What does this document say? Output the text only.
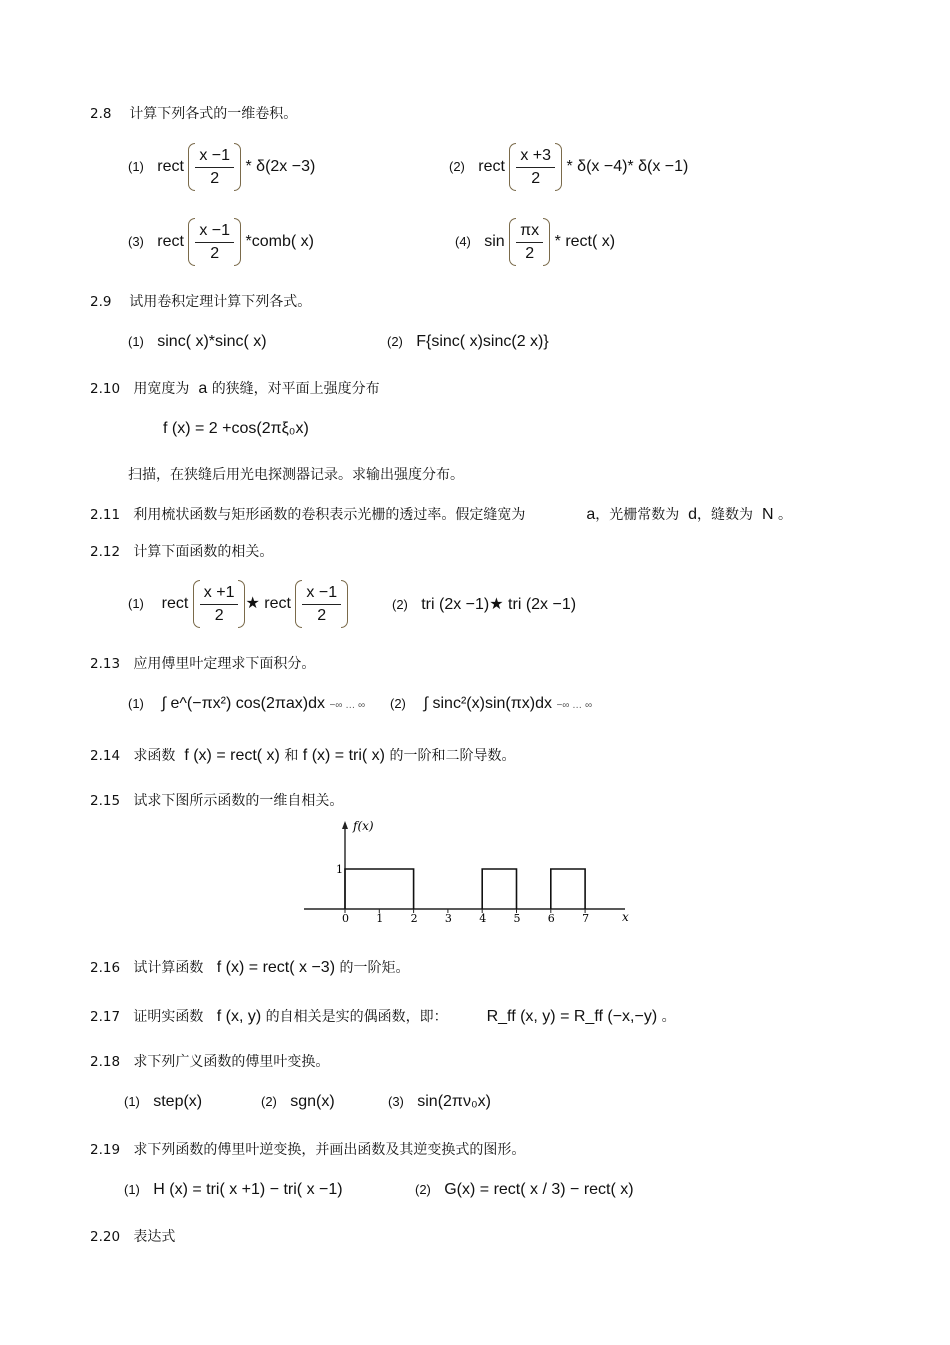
2.8 计算下列各式的一维卷积。
(1) rect $\frac{x -1}{2} * \delta(2x -3)$	(2) rect $\frac{x +3}{2} * \delta(x -4)*$ δ(x −1)
(3) rect $\frac{x -1}{2}$ *comb( x)	(4) $\sin \frac{\pi x}{2}$ * rect( x)
2.9 试用卷积定理计算下列各式。
(1) sinc( x)*sinc( x)	(2) F{sinc( x)sinc(2 x)}
2.10 用宽度为 a 的狭缝，对平面上强度分布
f (x) = 2 +cos(2πξ₀x)
扫描，在狭缝后用光电探测器记录。求输出强度分布。
2.11 利用梳状函数与矩形函数的卷积表示光栅的透过率。假定缝宽为	a，光栅常数为 d，缝数为 N 。
2.12 计算下面函数的相关。
(1) rect $\frac{x +1}{2}$ ★ rect $\frac{x -1}{2}$	(2) tri (2x −1)★ tri (2x −1)
2.13 应用傅里叶定理求下面积分。
(1) ∫ e^(−πx²) cos(2πax)dx −∞ … ∞ (2) ∫ sinc²(x)sin(πx)dx −∞ … ∞
2.14 求函数 f (x) = rect( x) 和 f (x) = tri( x) 的一阶和二阶导数。
2.15 试求下图所示函数的一维自相关。
f(x)
x
1
0 1 2 3 4 5 6 7
2.16 试计算函数 f (x) = rect( x −3) 的一阶矩。
2.17 证明实函数 f (x, y) 的自相关是实的偶函数，即： R_ff (x, y) = R_ff (−x,−y) 。
2.18 求下列广义函数的傅里叶变换。
(1) step(x)	(2) sgn(x)	(3) sin(2πν₀x)
2.19 求下列函数的傅里叶逆变换，并画出函数及其逆变换式的图形。
(1) H (x) = tri( x +1) − tri( x −1)	(2) G(x) = rect( x / 3) − rect( x)
2.20 表达式
